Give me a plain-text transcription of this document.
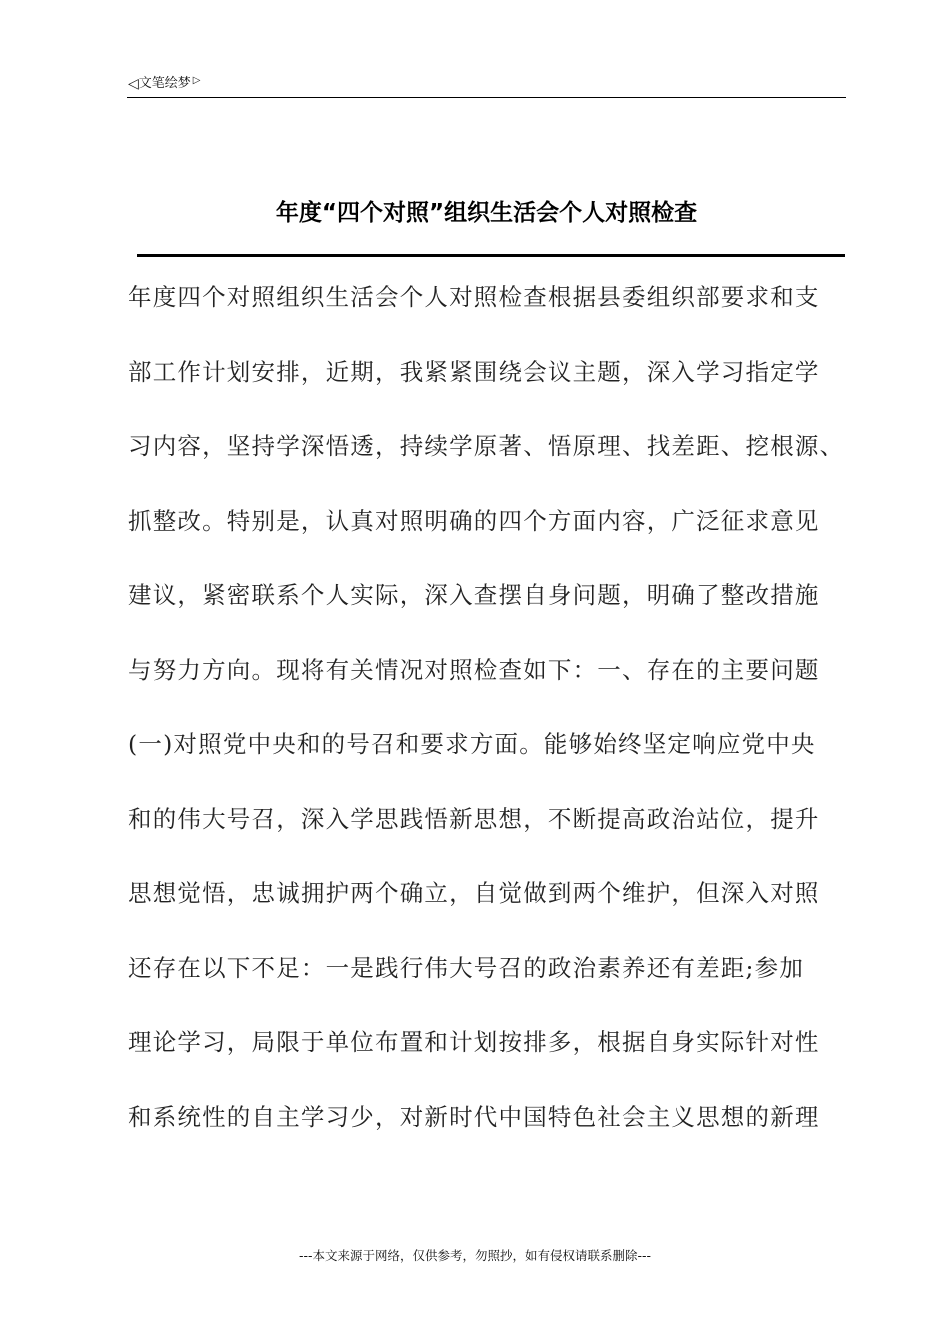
◁ 文笔绘梦 ▷
年度“四个对照”组织生活会个人对照检查
年度四个对照组织生活会个人对照检查根据县委组织部要求和支
部工作计划安排，近期，我紧紧围绕会议主题，深入学习指定学
习内容，坚持学深悟透，持续学原著、悟原理、找差距、挖根源、
抓整改。特别是，认真对照明确的四个方面内容，广泛征求意见
建议，紧密联系个人实际，深入查摆自身问题，明确了整改措施
与努力方向。现将有关情况对照检查如下：一、存在的主要问题
(一)对照党中央和的号召和要求方面。能够始终坚定响应党中央
和的伟大号召，深入学思践悟新思想，不断提高政治站位，提升
思想觉悟，忠诚拥护两个确立，自觉做到两个维护，但深入对照
还存在以下不足：一是践行伟大号召的政治素养还有差距;参加
理论学习，局限于单位布置和计划按排多，根据自身实际针对性
和系统性的自主学习少，对新时代中国特色社会主义思想的新理
---本文来源于网络，仅供参考，勿照抄，如有侵权请联系删除---
